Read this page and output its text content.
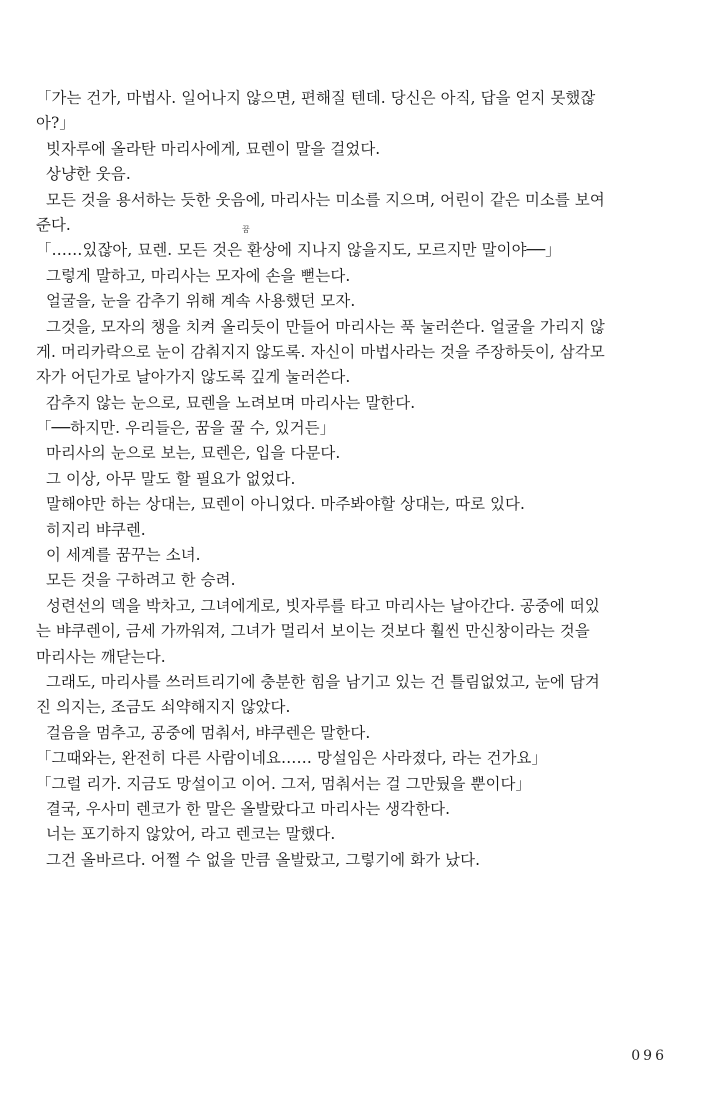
「가는 건가, 마법사. 일어나지 않으면, 편해질 텐데. 당신은 아직, 답을 얻지 못했잖
아?」
빗자루에 올라탄 마리사에게, 묘렌이 말을 걸었다.
상냥한 웃음.
모든 것을 용서하는 듯한 웃음에, 마리사는 미소를 지으며, 어린이 같은 미소를 보여
준다.	꿈
「……있잖아, 묘렌. 모든 것은 환상에 지나지 않을지도, 모르지만 말이야──」
그렇게 말하고, 마리사는 모자에 손을 뻗는다.
얼굴을, 눈을 감추기 위해 계속 사용했던 모자.
그것을, 모자의 챙을 치켜 올리듯이 만들어 마리사는 푹 눌러쓴다. 얼굴을 가리지 않
게. 머리카락으로 눈이 감춰지지 않도록. 자신이 마법사라는 것을 주장하듯이, 삼각모
자가 어딘가로 날아가지 않도록 깊게 눌러쓴다.
감추지 않는 눈으로, 묘렌을 노려보며 마리사는 말한다.
「──하지만. 우리들은, 꿈을 꿀 수, 있거든」
마리사의 눈으로 보는, 묘렌은, 입을 다문다.
그 이상, 아무 말도 할 필요가 없었다.
말해야만 하는 상대는, 묘렌이 아니었다. 마주봐야할 상대는, 따로 있다.
히지리 뱌쿠렌.
이 세계를 꿈꾸는 소녀.
모든 것을 구하려고 한 승려.
성련선의 덱을 박차고, 그녀에게로, 빗자루를 타고 마리사는 날아간다. 공중에 떠있
는 뱌쿠렌이, 금세 가까워져, 그녀가 멀리서 보이는 것보다 훨씬 만신창이라는 것을
마리사는 깨닫는다.
그래도, 마리사를 쓰러트리기에 충분한 힘을 남기고 있는 건 틀림없었고, 눈에 담겨
진 의지는, 조금도 쇠약해지지 않았다.
걸음을 멈추고, 공중에 멈춰서, 뱌쿠렌은 말한다.
「그때와는, 완전히 다른 사람이네요…… 망설임은 사라졌다, 라는 건가요」
「그럴 리가. 지금도 망설이고 이어. 그저, 멈춰서는 걸 그만뒀을 뿐이다」
결국, 우사미 렌코가 한 말은 올발랐다고 마리사는 생각한다.
너는 포기하지 않았어, 라고 렌코는 말했다.
그건 올바르다. 어쩔 수 없을 만큼 올발랐고, 그렇기에 화가 났다.
096
